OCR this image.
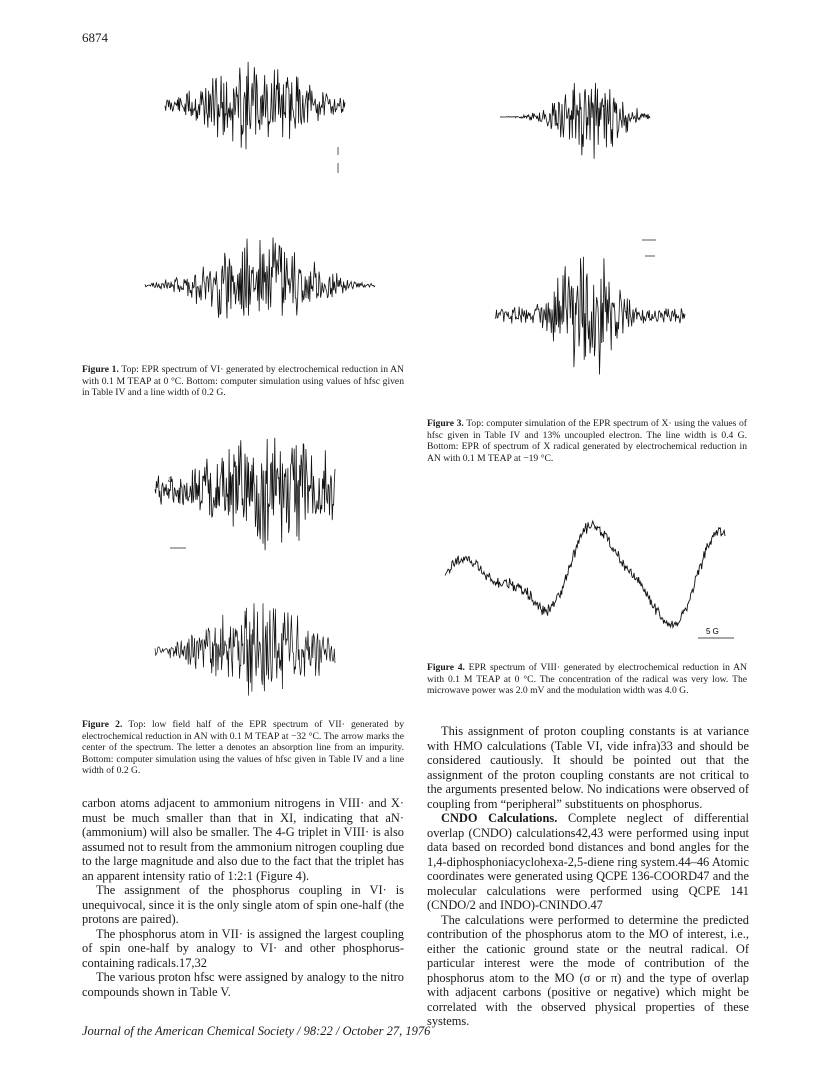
6874
Figure 1. Top: EPR spectrum of VI· generated by electrochemical reduction in AN with 0.1 M TEAP at 0 °C. Bottom: computer simulation using values of hfsc given in Table IV and a line width of 0.2 G.
a
Figure 2. Top: low field half of the EPR spectrum of VII· generated by electrochemical reduction in AN with 0.1 M TEAP at −32 °C. The arrow marks the center of the spectrum. The letter a denotes an absorption line from an impurity. Bottom: computer simulation using the values of hfsc given in Table IV and a line width of 0.2 G.
Figure 3. Top: computer simulation of the EPR spectrum of X· using the values of hfsc given in Table IV and 13% uncoupled electron. The line width is 0.4 G. Bottom: EPR of spectrum of X radical generated by electrochemical reduction in AN with 0.1 M TEAP at −19 °C.
5 G
Figure 4. EPR spectrum of VIII· generated by electrochemical reduction in AN with 0.1 M TEAP at 0 °C. The concentration of the radical was very low. The microwave power was 2.0 mV and the modulation width was 4.0 G.

carbon atoms adjacent to ammonium nitrogens in VIII· and X· must be much smaller than that in XI, indicating that aN· (ammonium) will also be smaller. The 4-G triplet in VIII· is also assumed not to result from the ammonium nitrogen coupling due to the large magnitude and also due to the fact that the triplet has an apparent intensity ratio of 1:2:1 (Figure 4).

The assignment of the phosphorus coupling in VI· is unequivocal, since it is the only single atom of spin one-half (the protons are paired).

The phosphorus atom in VII· is assigned the largest coupling of spin one-half by analogy to VI· and other phosphorus-containing radicals.17,32

The various proton hfsc were assigned by analogy to the nitro compounds shown in Table V.

This assignment of proton coupling constants is at variance with HMO calculations (Table VI, vide infra)33 and should be considered cautiously. It should be pointed out that the assignment of the proton coupling constants are not critical to the arguments presented below. No indications were observed of coupling from “peripheral” substituents on phosphorus.

CNDO Calculations. Complete neglect of differential overlap (CNDO) calculations42,43 were performed using input data based on recorded bond distances and bond angles for the 1,4-diphosphoniacyclohexa-2,5-diene ring system.44–46 Atomic coordinates were generated using QCPE 136-COORD47 and the molecular calculations were performed using QCPE 141 (CNDO/2 and INDO)-CNINDO.47

The calculations were performed to determine the predicted contribution of the phosphorus atom to the MO of interest, i.e., either the cationic ground state or the neutral radical. Of particular interest were the mode of contribution of the phosphorus atom to the MO (σ or π) and the type of overlap with adjacent carbons (positive or negative) which might be correlated with the observed physical properties of these systems.

Journal of the American Chemical Society / 98:22 / October 27, 1976
